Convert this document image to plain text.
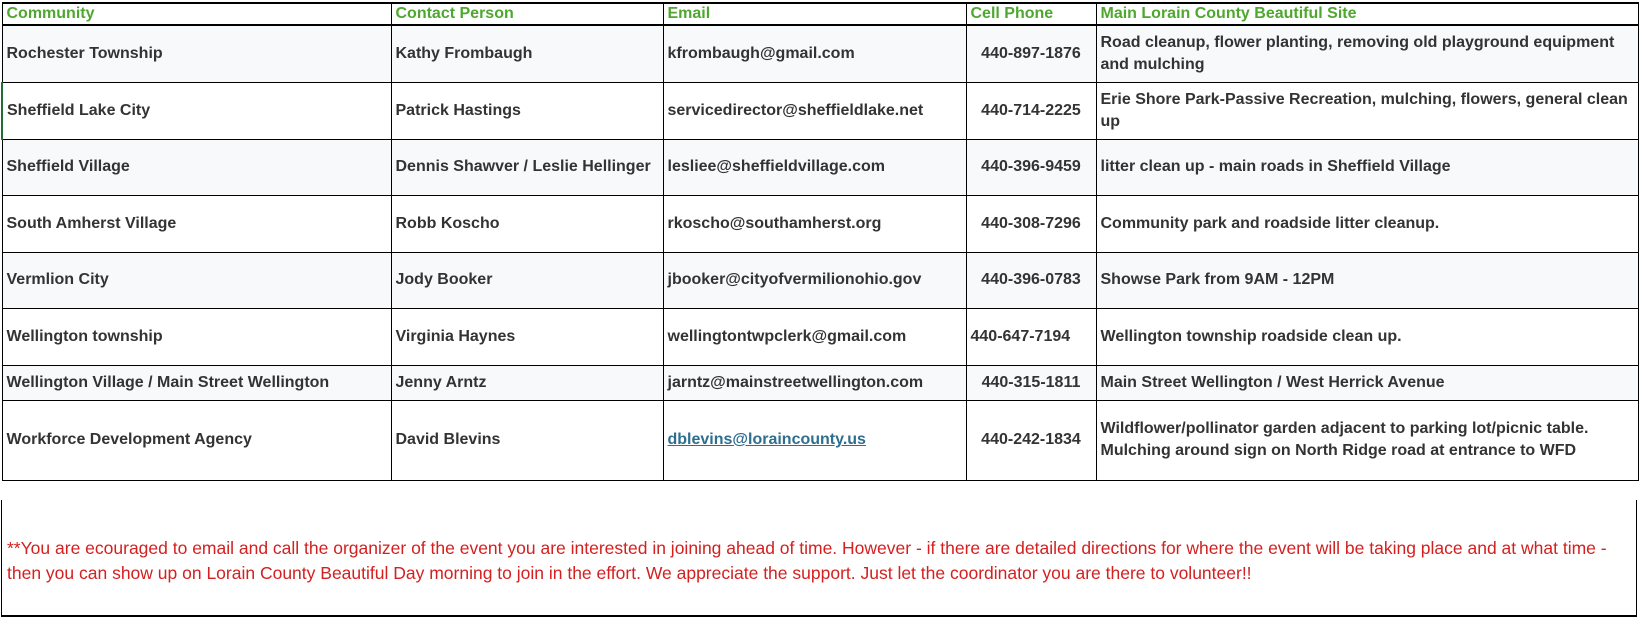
Community	Contact Person	Email	Cell Phone	Main Lorain County Beautiful Site
Rochester Township	Kathy Frombaugh	kfrombaugh@gmail.com	440-897-1876	Road cleanup, flower planting, removing old playground equipment and mulching
Sheffield Lake City	Patrick Hastings	servicedirector@sheffieldlake.net	440-714-2225	Erie Shore Park-Passive Recreation, mulching, flowers, general clean up
Sheffield Village	Dennis Shawver / Leslie Hellinger	lesliee@sheffieldvillage.com	440-396-9459	litter clean up - main roads in Sheffield Village
South Amherst Village	Robb Koscho	rkoscho@southamherst.org	440-308-7296	Community park and roadside litter cleanup.
Vermlion City	Jody Booker	jbooker@cityofvermilionohio.gov	440-396-0783	Showse Park from 9AM - 12PM
Wellington township	Virginia Haynes	wellingtontwpclerk@gmail.com	440-647-7194	Wellington township roadside clean up.
Wellington Village / Main Street Wellington	Jenny Arntz	jarntz@mainstreetwellington.com	440-315-1811	Main Street Wellington / West Herrick Avenue
Workforce Development Agency	David Blevins	dblevins@loraincounty.us	440-242-1834	Wildflower/pollinator garden adjacent to parking lot/picnic table. Mulching around sign on North Ridge road at entrance to WFD
**You are ecouraged to email and call the organizer of the event you are interested in joining ahead of time. However - if there are detailed directions for where the event will be taking place and at what time - then you can show up on Lorain County Beautiful Day morning to join in the effort. We appreciate the support. Just let the coordinator you are there to volunteer!!
